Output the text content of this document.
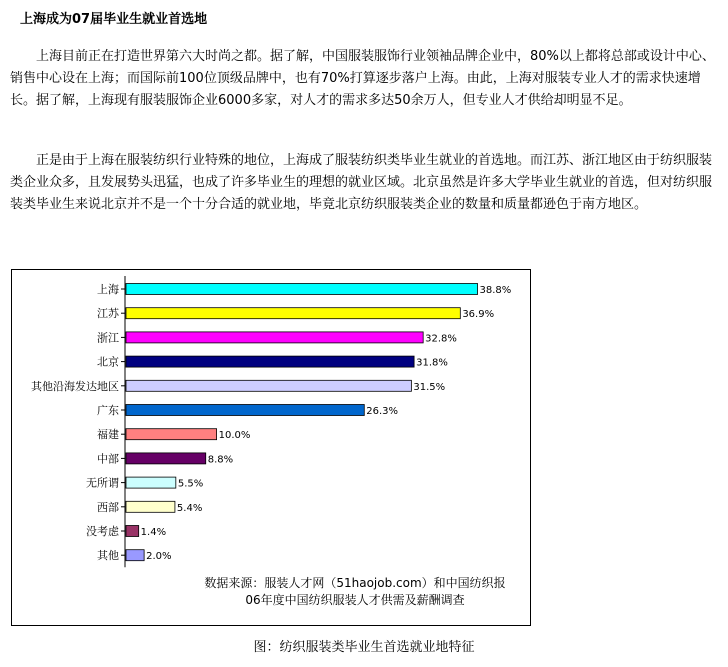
上海成为07届毕业生就业首选地

上海目前正在打造世界第六大时尚之都。据了解，中国服装服饰行业领袖品牌企业中，80%以上都将总部或设计中心、销售中心设在上海；而国际前100位顶级品牌中，也有70%打算逐步落户上海。由此，上海对服装专业人才的需求快速增长。据了解，上海现有服装服饰企业6000多家，对人才的需求多达50余万人，但专业人才供给却明显不足。

正是由于上海在服装纺织行业特殊的地位，上海成了服装纺织类毕业生就业的首选地。而江苏、浙江地区由于纺织服装类企业众多，且发展势头迅猛，也成了许多毕业生的理想的就业区域。北京虽然是许多大学毕业生就业的首选，但对纺织服装类毕业生来说北京并不是一个十分合适的就业地，毕竟北京纺织服装类企业的数量和质量都逊色于南方地区。

上海	38.8%
江苏	36.9%
浙江	32.8%
北京	31.8%
其他沿海发达地区	31.5%
广东	26.3%
福建	10.0%
中部	8.8%
无所谓	5.5%
西部	5.4%
没考虑 1.4%
其他	2.0%
数据来源：服装人才网（51haojob.com）和中国纺织报
06年度中国纺织服装人才供需及薪酬调查
图：纺织服装类毕业生首选就业地特征
